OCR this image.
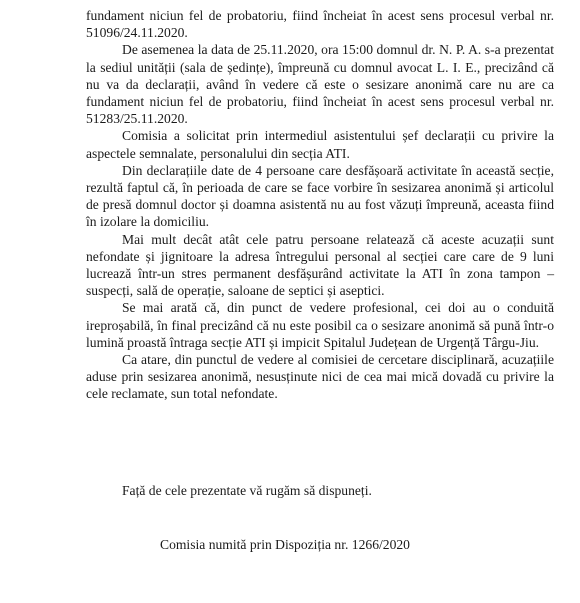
fundament niciun fel de probatoriu, fiind încheiat în acest sens procesul verbal nr. 51096/24.11.2020.

De asemenea la data de 25.11.2020, ora 15:00 domnul dr. N. P. A. s-a prezentat la sediul unității (sala de ședințe), împreună cu domnul avocat L. I. E., precizând că nu va da declarații, având în vedere că este o sesizare anonimă care nu are ca fundament niciun fel de probatoriu, fiind încheiat în acest sens procesul verbal nr. 51283/25.11.2020.

Comisia a solicitat prin intermediul asistentului șef declarații cu privire la aspectele semnalate, personalului din secția ATI.

Din declarațiile date de 4 persoane care desfășoară activitate în această secție, rezultă faptul că, în perioada de care se face vorbire în sesizarea anonimă și articolul de presă domnul doctor și doamna asistentă nu au fost văzuți împreună, aceasta fiind în izolare la domiciliu.

Mai mult decât atât cele patru persoane relatează că aceste acuzații sunt nefondate și jignitoare la adresa întregului personal al secției care care de 9 luni lucrează într-un stres permanent desfășurând activitate la ATI în zona tampon – suspecți, sală de operație, saloane de septici și aseptici.

Se mai arată că, din punct de vedere profesional, cei doi au o conduită ireproșabilă, în final precizând că nu este posibil ca o sesizare anonimă să pună într-o lumină proastă întraga secție ATI și impicit Spitalul Județean de Urgență Târgu-Jiu.

Ca atare, din punctul de vedere al comisiei de cercetare disciplinară, acuzațiile aduse prin sesizarea anonimă, nesusținute nici de cea mai mică dovadă cu privire la cele reclamate, sun total nefondate.

Față de cele prezentate vă rugăm să dispuneți.
Comisia numită prin Dispoziția nr. 1266/2020
